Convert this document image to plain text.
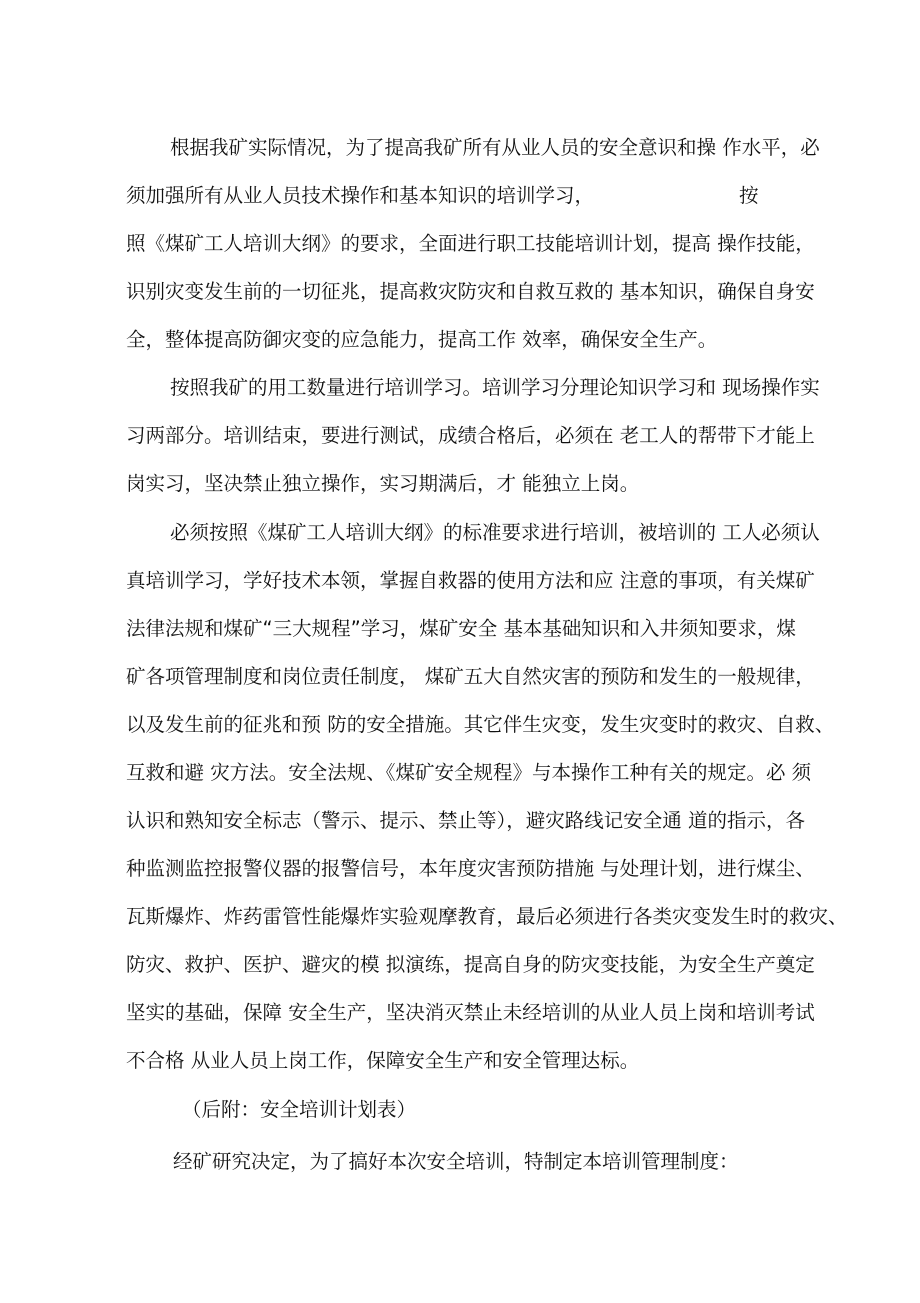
根据我矿实际情况，为了提高我矿所有从业人员的安全意识和操 作水平，必
须加强所有从业人员技术操作和基本知识的培训学习，	按
照《煤矿工人培训大纲》的要求，全面进行职工技能培训计划，提高 操作技能，
识别灾变发生前的一切征兆，提高救灾防灾和自救互救的 基本知识，确保自身安
全，整体提高防御灾变的应急能力，提高工作 效率，确保安全生产。
按照我矿的用工数量进行培训学习。培训学习分理论知识学习和 现场操作实
习两部分。培训结束，要进行测试，成绩合格后，必须在 老工人的帮带下才能上
岗实习，坚决禁止独立操作，实习期满后，才 能独立上岗。
必须按照《煤矿工人培训大纲》的标准要求进行培训，被培训的 工人必须认
真培训学习，学好技术本领，掌握自救器的使用方法和应 注意的事项，有关煤矿
法律法规和煤矿“三大规程”学习，煤矿安全 基本基础知识和入井须知要求，煤
矿各项管理制度和岗位责任制度， 煤矿五大自然灾害的预防和发生的一般规律，
以及发生前的征兆和预 防的安全措施。其它伴生灾变，发生灾变时的救灾、自救、
互救和避 灾方法。安全法规、《煤矿安全规程》与本操作工种有关的规定。必 须
认识和熟知安全标志（警示、提示、禁止等），避灾路线记安全通 道的指示，各
种监测监控报警仪器的报警信号，本年度灾害预防措施 与处理计划，进行煤尘、
瓦斯爆炸、炸药雷管性能爆炸实验观摩教育，最后必须进行各类灾变发生时的救灾、
防灾、救护、医护、避灾的模 拟演练，提高自身的防灾变技能，为安全生产奠定
坚实的基础，保障 安全生产，坚决消灭禁止未经培训的从业人员上岗和培训考试
不合格 从业人员上岗工作，保障安全生产和安全管理达标。
（后附：安全培训计划表）
经矿研究决定，为了搞好本次安全培训，特制定本培训管理制度：
